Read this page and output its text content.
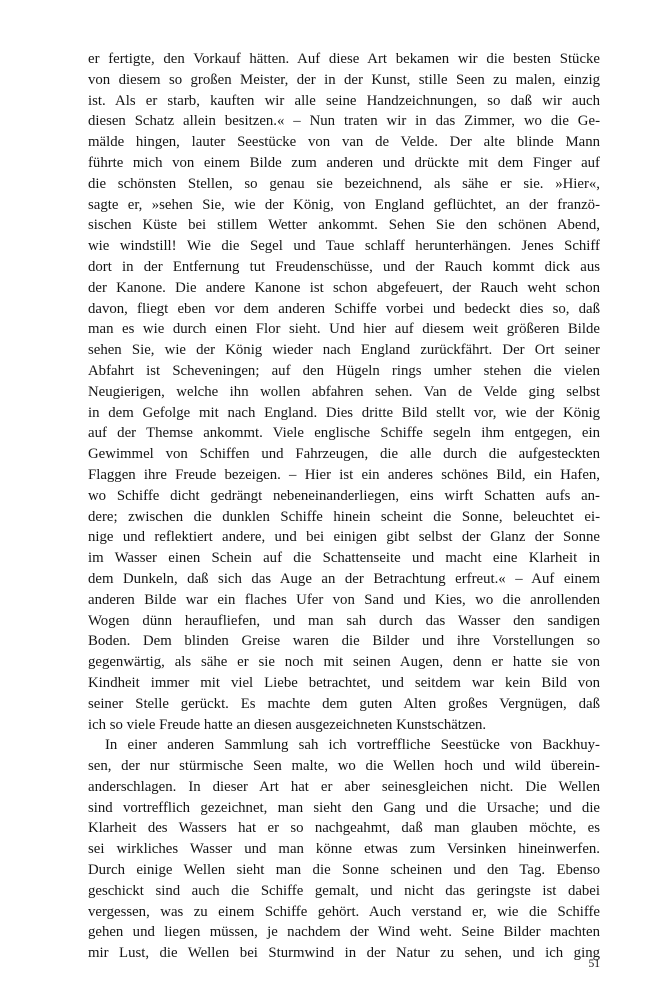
er fertigte, den Vorkauf hätten. Auf diese Art bekamen wir die besten Stücke
von diesem so großen Meister, der in der Kunst, stille Seen zu malen, einzig
ist. Als er starb, kauften wir alle seine Handzeichnungen, so daß wir auch
diesen Schatz allein besitzen.« – Nun traten wir in das Zimmer, wo die Ge-
mälde hingen, lauter Seestücke von van de Velde. Der alte blinde Mann
führte mich von einem Bilde zum anderen und drückte mit dem Finger auf
die schönsten Stellen, so genau sie bezeichnend, als sähe er sie. »Hier«,
sagte er, »sehen Sie, wie der König, von England geflüchtet, an der franzö-
sischen Küste bei stillem Wetter ankommt. Sehen Sie den schönen Abend,
wie windstill! Wie die Segel und Taue schlaff herunterhängen. Jenes Schiff
dort in der Entfernung tut Freudenschüsse, und der Rauch kommt dick aus
der Kanone. Die andere Kanone ist schon abgefeuert, der Rauch weht schon
davon, fliegt eben vor dem anderen Schiffe vorbei und bedeckt dies so, daß
man es wie durch einen Flor sieht. Und hier auf diesem weit größeren Bilde
sehen Sie, wie der König wieder nach England zurückfährt. Der Ort seiner
Abfahrt ist Scheveningen; auf den Hügeln rings umher stehen die vielen
Neugierigen, welche ihn wollen abfahren sehen. Van de Velde ging selbst
in dem Gefolge mit nach England. Dies dritte Bild stellt vor, wie der König
auf der Themse ankommt. Viele englische Schiffe segeln ihm entgegen, ein
Gewimmel von Schiffen und Fahrzeugen, die alle durch die aufgesteckten
Flaggen ihre Freude bezeigen. – Hier ist ein anderes schönes Bild, ein Hafen,
wo Schiffe dicht gedrängt nebeneinanderliegen, eins wirft Schatten aufs an-
dere; zwischen die dunklen Schiffe hinein scheint die Sonne, beleuchtet ei-
nige und reflektiert andere, und bei einigen gibt selbst der Glanz der Sonne
im Wasser einen Schein auf die Schattenseite und macht eine Klarheit in
dem Dunkeln, daß sich das Auge an der Betrachtung erfreut.« – Auf einem
anderen Bilde war ein flaches Ufer von Sand und Kies, wo die anrollenden
Wogen dünn heraufliefen, und man sah durch das Wasser den sandigen
Boden. Dem blinden Greise waren die Bilder und ihre Vorstellungen so
gegenwärtig, als sähe er sie noch mit seinen Augen, denn er hatte sie von
Kindheit immer mit viel Liebe betrachtet, und seitdem war kein Bild von
seiner Stelle gerückt. Es machte dem guten Alten großes Vergnügen, daß
ich so viele Freude hatte an diesen ausgezeichneten Kunstschätzen.
In einer anderen Sammlung sah ich vortreffliche Seestücke von Backhuy-
sen, der nur stürmische Seen malte, wo die Wellen hoch und wild überein-
anderschlagen. In dieser Art hat er aber seinesgleichen nicht. Die Wellen
sind vortrefflich gezeichnet, man sieht den Gang und die Ursache; und die
Klarheit des Wassers hat er so nachgeahmt, daß man glauben möchte, es
sei wirkliches Wasser und man könne etwas zum Versinken hineinwerfen.
Durch einige Wellen sieht man die Sonne scheinen und den Tag. Ebenso
geschickt sind auch die Schiffe gemalt, und nicht das geringste ist dabei
vergessen, was zu einem Schiffe gehört. Auch verstand er, wie die Schiffe
gehen und liegen müssen, je nachdem der Wind weht. Seine Bilder machten
mir Lust, die Wellen bei Sturmwind in der Natur zu sehen, und ich ging
51
